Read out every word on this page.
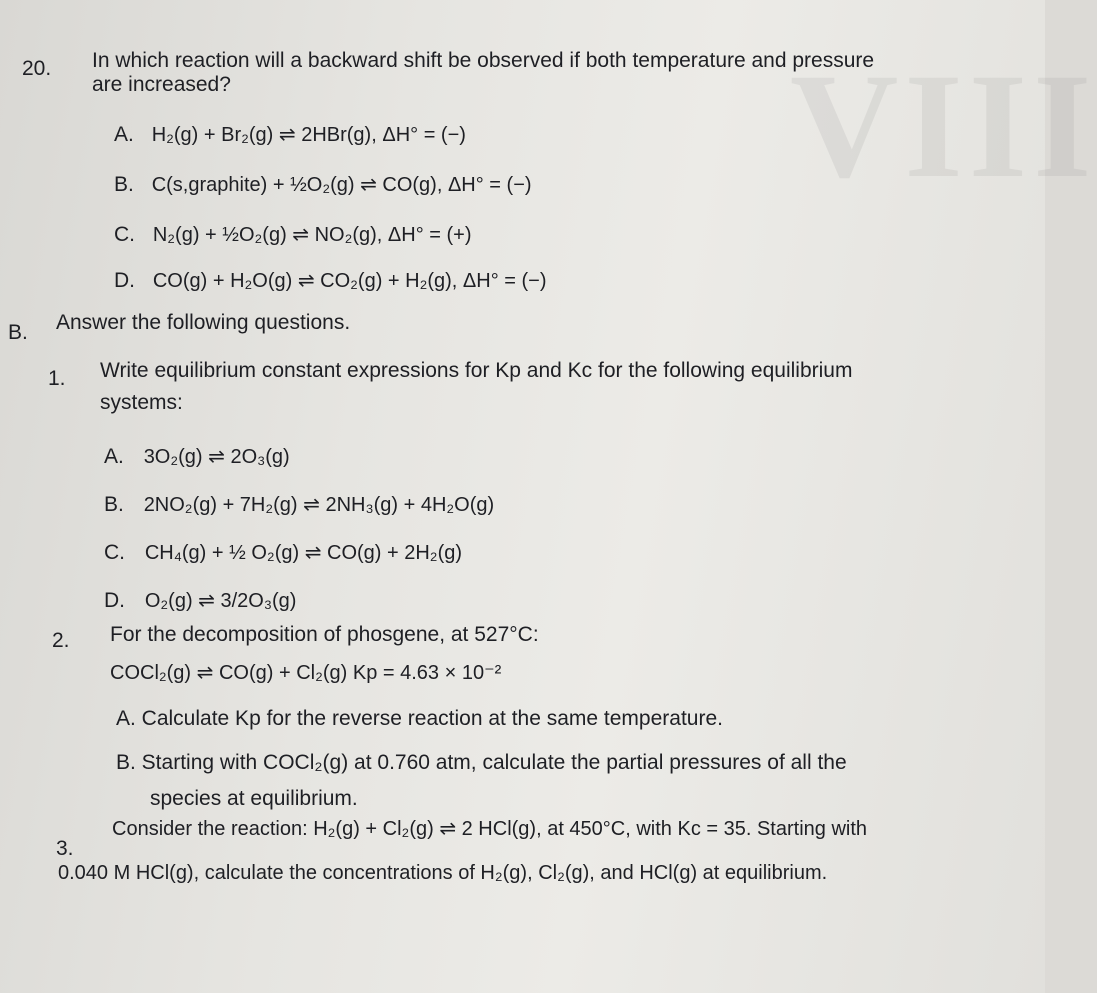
VIII
20. In which reaction will a backward shift be observed if both temperature and pressure
are increased?
A. H₂(g) + Br₂(g) ⇌ 2HBr(g), ΔH° = (−)
B. C(s,graphite) + ½O₂(g) ⇌ CO(g), ΔH° = (−)
C. N₂(g) + ½O₂(g) ⇌ NO₂(g), ΔH° = (+)
D. CO(g) + H₂O(g) ⇌ CO₂(g) + H₂(g), ΔH° = (−)
B. Answer the following questions.
1. Write equilibrium constant expressions for Kp and Kc for the following equilibrium
systems:
A. 3O₂(g) ⇌ 2O₃(g)
B. 2NO₂(g) + 7H₂(g) ⇌ 2NH₃(g) + 4H₂O(g)
C. CH₄(g) + ½ O₂(g) ⇌ CO(g) + 2H₂(g)
D. O₂(g) ⇌ 3/2O₃(g)
2. For the decomposition of phosgene, at 527°C:
COCl₂(g) ⇌ CO(g) + Cl₂(g) Kp = 4.63 × 10⁻²
A. Calculate Kp for the reverse reaction at the same temperature.
B. Starting with COCl₂(g) at 0.760 atm, calculate the partial pressures of all the
species at equilibrium.
3.
Consider the reaction: H₂(g) + Cl₂(g) ⇌ 2 HCl(g), at 450°C, with Kc = 35. Starting with
0.040 M HCl(g), calculate the concentrations of H₂(g), Cl₂(g), and HCl(g) at equilibrium.
